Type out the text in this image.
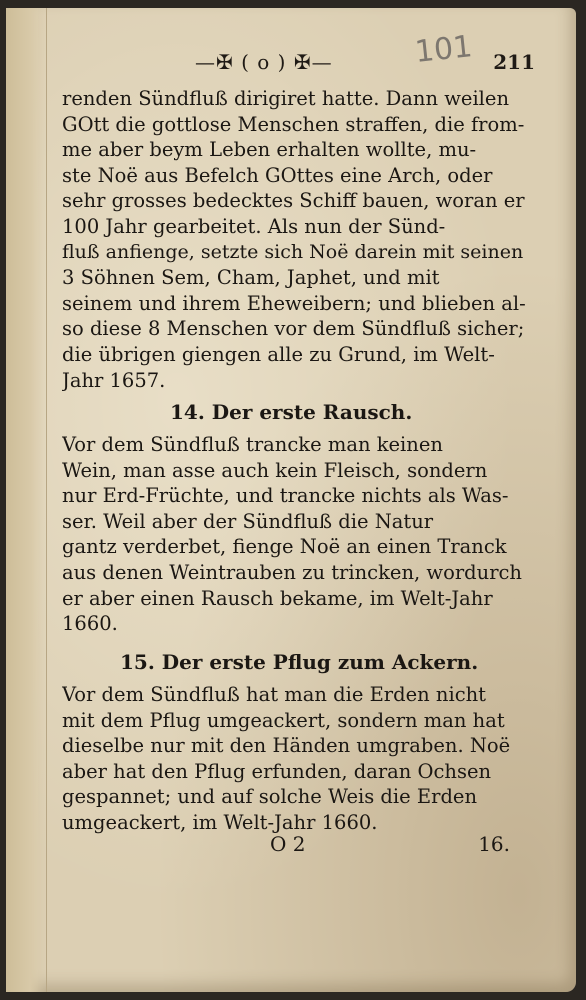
—✠ ( o ) ✠—	211
101
renden Sündfluß dirigiret hatte. Dann weilen
GOtt die gottlose Menschen straffen, die from-
me aber beym Leben erhalten wollte, mu-
ste Noë aus Befelch GOttes eine Arch, oder
sehr grosses bedecktes Schiff bauen, woran er
100 Jahr gearbeitet. Als nun der Sünd-
fluß anfienge, setzte sich Noë darein mit seinen
3 Söhnen Sem, Cham, Japhet, und mit
seinem und ihrem Eheweibern; und blieben al-
so diese 8 Menschen vor dem Sündfluß sicher;
die übrigen giengen alle zu Grund, im Welt-
Jahr 1657.
14. Der erste Rausch.
Vor dem Sündfluß trancke man keinen
Wein, man asse auch kein Fleisch, sondern
nur Erd-Früchte, und trancke nichts als Was-
ser. Weil aber der Sündfluß die Natur
gantz verderbet, fienge Noë an einen Tranck
aus denen Weintrauben zu trincken, wordurch
er aber einen Rausch bekame, im Welt-Jahr
1660.
15. Der erste Pflug zum Ackern.
Vor dem Sündfluß hat man die Erden nicht
mit dem Pflug umgeackert, sondern man hat
dieselbe nur mit den Händen umgraben. Noë
aber hat den Pflug erfunden, daran Ochsen
gespannet; und auf solche Weis die Erden
umgeackert, im Welt-Jahr 1660.
O 2	16.
